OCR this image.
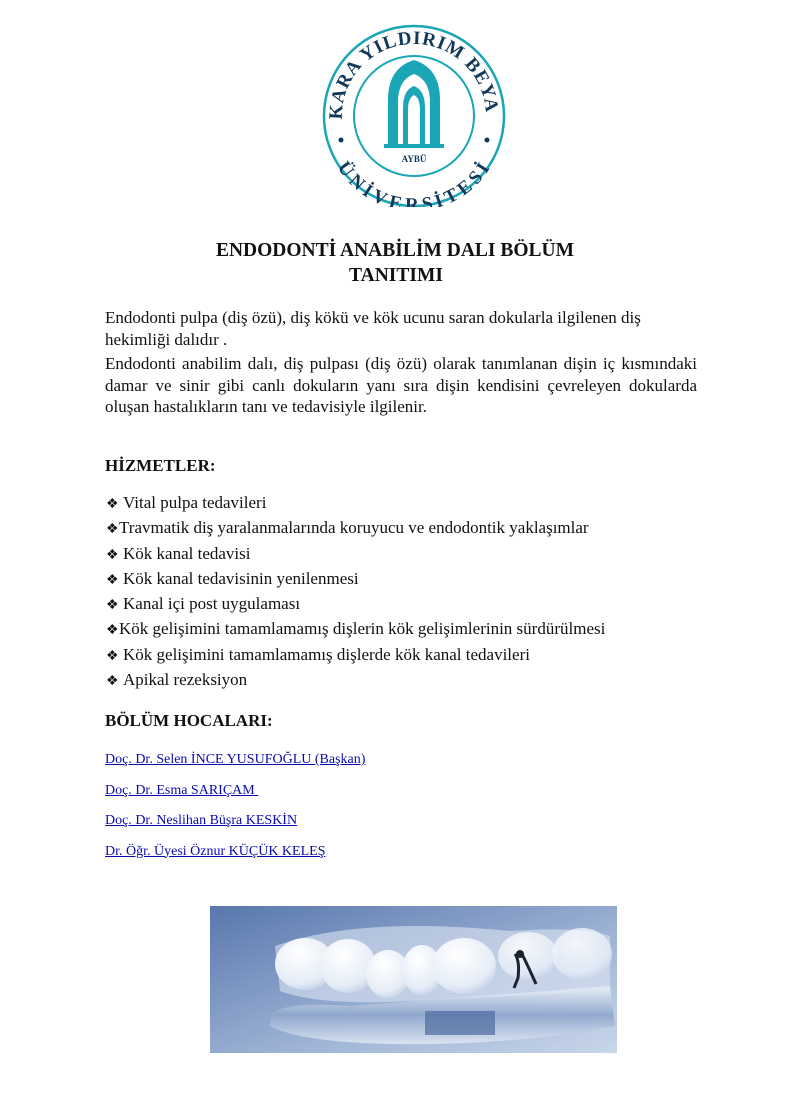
KARA YILDIRIM BEYA
ÜNİVERSİTESİ
AYBÜ
ENDODONTİ ANABİLİM DALI BÖLÜM
TANITIMI
Endodonti pulpa (diş özü), diş kökü ve kök ucunu saran dokularla ilgilenen diş hekimliği dalıdır .
Endodonti anabilim dalı, diş pulpası (diş özü) olarak tanımlanan dişin iç kısmındaki damar ve sinir gibi canlı dokuların yanı sıra dişin kendisini çevreleyen dokularda oluşan hastalıkların tanı ve tedavisiyle ilgilenir.
HİZMETLER:
❖ Vital pulpa tedavileri
❖Travmatik diş yaralanmalarında koruyucu ve endodontik yaklaşımlar
❖ Kök kanal tedavisi
❖ Kök kanal tedavisinin yenilenmesi
❖ Kanal içi post uygulaması
❖Kök gelişimini tamamlamamış dişlerin kök gelişimlerinin sürdürülmesi
❖ Kök gelişimini tamamlamamış dişlerde kök kanal tedavileri
❖ Apikal rezeksiyon
BÖLÜM HOCALARI:
Doç. Dr. Selen İNCE YUSUFOĞLU (Başkan)
Doç. Dr. Esma SARIÇAM
Doç. Dr. Neslihan Büşra KESKİN
Dr. Öğr. Üyesi Öznur KÜÇÜK KELEŞ
